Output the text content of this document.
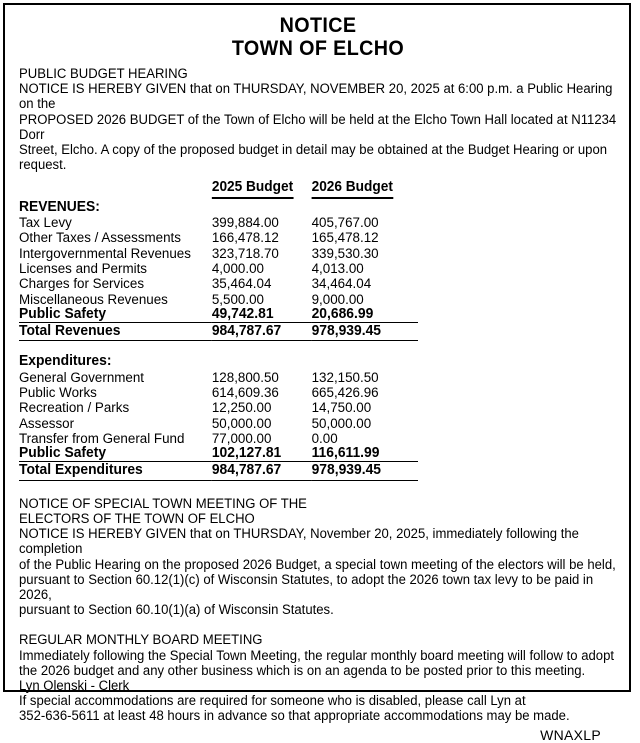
NOTICE
TOWN OF ELCHO
PUBLIC BUDGET HEARING

NOTICE IS HEREBY GIVEN that on THURSDAY, NOVEMBER 20, 2025 at 6:00 p.m. a Public Hearing on the

PROPOSED 2026 BUDGET of the Town of Elcho will be held at the Elcho Town Hall located at N11234 Dorr

Street, Elcho. A copy of the proposed budget in detail may be obtained at the Budget Hearing or upon

request.

	2025 Budget	2026 Budget
REVENUES:		
Tax Levy	399,884.00	405,767.00
Other Taxes / Assessments	166,478.12	165,478.12
Intergovernmental Revenues	323,718.70	339,530.30
Licenses and Permits	4,000.00	4,013.00
Charges for Services	35,464.04	34,464.04
Miscellaneous Revenues	5,500.00	9,000.00
Public Safety	49,742.81	20,686.99
Total Revenues	984,787.67	978,939.45
Expenditures:		
General Government	128,800.50	132,150.50
Public Works	614,609.36	665,426.96
Recreation / Parks	12,250.00	14,750.00
Assessor	50,000.00	50,000.00
Transfer from General Fund	77,000.00	0.00
Public Safety	102,127.81	116,611.99
Total Expenditures	984,787.67	978,939.45
NOTICE OF SPECIAL TOWN MEETING OF THE
ELECTORS OF THE TOWN OF ELCHO

NOTICE IS HEREBY GIVEN that on THURSDAY, November 20, 2025, immediately following the completion

of the Public Hearing on the proposed 2026 Budget, a special town meeting of the electors will be held,

pursuant to Section 60.12(1)(c) of Wisconsin Statutes, to adopt the 2026 town tax levy to be paid in 2026,

pursuant to Section 60.10(1)(a) of Wisconsin Statutes.

REGULAR MONTHLY BOARD MEETING

Immediately following the Special Town Meeting, the regular monthly board meeting will follow to adopt

the 2026 budget and any other business which is on an agenda to be posted prior to this meeting.

Lyn Olenski - Clerk

If special accommodations are required for someone who is disabled, please call Lyn at

352-636-5611 at least 48 hours in advance so that appropriate accommodations may be made.

WNAXLP
